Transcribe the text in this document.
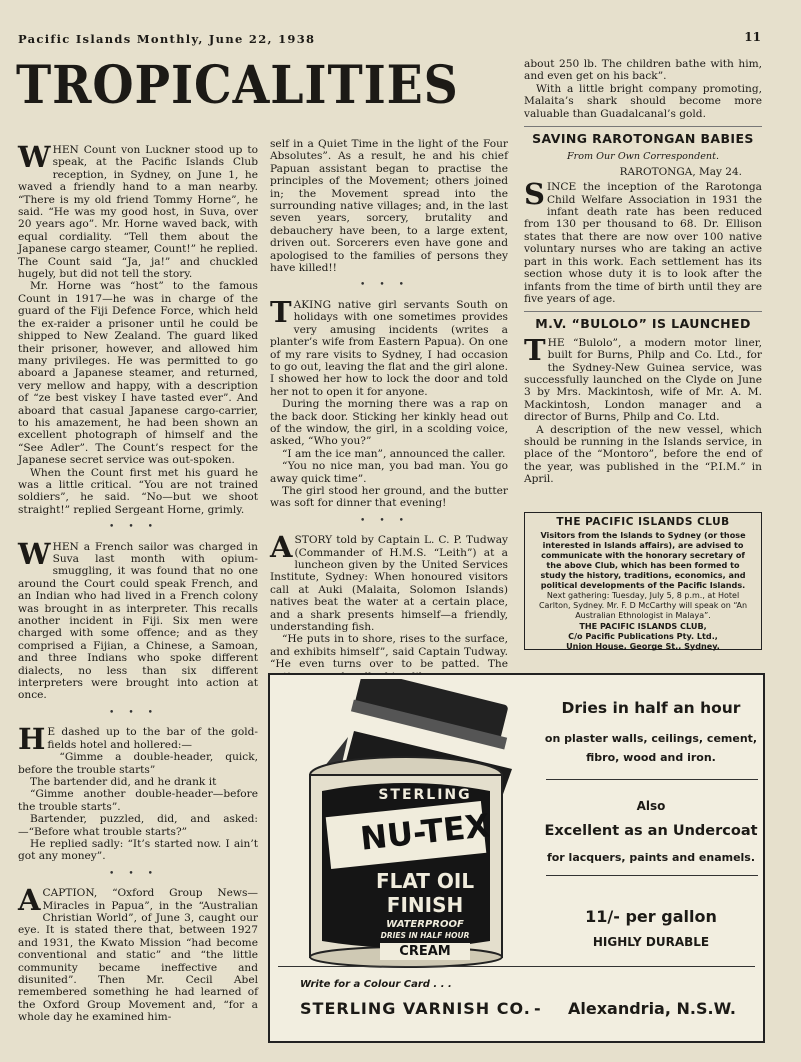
Pacific Islands Monthly, June 22, 1938	11
TROPICALITIES

WHEN Count von Luckner stood up to speak, at the Pacific Islands Club reception, in Sydney, on June 1, he waved a friendly hand to a man nearby. “There is my old friend Tommy Horne”, he said. “He was my good host, in Suva, over 20 years ago”. Mr. Horne waved back, with equal cordiality. “Tell them about the Japanese cargo steamer, Count!” he replied. The Count said “Ja, ja!” and chuckled hugely, but did not tell the story.

Mr. Horne was “host” to the famous Count in 1917—he was in charge of the guard of the Fiji Defence Force, which held the ex-raider a prisoner until he could be shipped to New Zealand. The guard liked their prisoner, however, and allowed him many privileges. He was permitted to go aboard a Japanese steamer, and returned, very mellow and happy, with a description of “ze best viskey I have tasted ever”. And aboard that casual Japanese cargo-carrier, to his amazement, he had been shown an excellent photograph of himself and the “See Adler”. The Count’s respect for the Japanese secret service was out-spoken.

When the Count first met his guard he was a little critical. “You are not trained soldiers”, he said. “No—but we shoot straight!” replied Sergeant Horne, grimly.

•••

WHEN a French sailor was charged in Suva last month with opium-smuggling, it was found that no one around the Court could speak French, and an Indian who had lived in a French colony was brought in as interpreter. This recalls another incident in Fiji. Six men were charged with some offence; and as they comprised a Fijian, a Chinese, a Samoan, and three Indians who spoke different dialects, no less than six different interpreters were brought into action at once.

•••

H E dashed up to the bar of the gold-fields hotel and hollered:—

“Gimme a double-header, quick, before the trouble starts”

The bartender did, and he drank it

“Gimme another double-header—before the trouble starts”.

Bartender, puzzled, did, and asked:—“Before what trouble starts?”

He replied sadly: “It’s started now. I ain’t got any money”.

•••

A CAPTION, “Oxford Group News—Miracles in Papua”, in the “Australian Christian World”, of June 3, caught our eye. It is stated there that, between 1927 and 1931, the Kwato Mission “had become conventional and static” and “the little community became ineffective and disunited”. Then Mr. Cecil Abel remembered something he had learned of the Oxford Group Movement and, “for a whole day he examined him-

self in a Quiet Time in the light of the Four Absolutes”. As a result, he and his chief Papuan assistant began to practise the principles of the Movement; others joined in; the Movement spread into the surrounding native villages; and, in the last seven years, sorcery, brutality and debauchery have been, to a large extent, driven out. Sorcerers even have gone and apologised to the families of persons they have killed!!

•••

TAKING native girl servants South on holidays with one sometimes provides very amusing incidents (writes a planter’s wife from Eastern Papua). On one of my rare visits to Sydney, I had occasion to go out, leaving the flat and the girl alone. I showed her how to lock the door and told her not to open it for anyone.

During the morning there was a rap on the back door. Sticking her kinkly head out of the window, the girl, in a scolding voice, asked, “Who you?”

“I am the ice man”, announced the caller.

“You no nice man, you bad man. You go away quick time”.

The girl stood her ground, and the butter was soft for dinner that evening!

•••

A STORY told by Captain L. C. P. Tudway (Commander of H.M.S. “Leith”) at a luncheon given by the United Services Institute, Sydney: When honoured visitors call at Auki (Malaita, Solomon Islands) natives beat the water at a certain place, and a shark presents himself—a friendly, understanding fish.

“He puts in to shore, rises to the surface, and exhibits himself”, said Captain Tudway. “He even turns over to be patted. The

about 250 lb. The children bathe with him, and even get on his back”.

With a little bright company promoting, Malaita’s shark should become more valuable than Guadalcanal’s gold.

SAVING RAROTONGAN BABIES
From Our Own Correspondent.
RAROTONGA, May 24.

SINCE the inception of the Rarotonga Child Welfare Association in 1931 the infant death rate has been reduced from 130 per thousand to 68. Dr. Ellison states that there are now over 100 native voluntary nurses who are taking an active part in this work. Each settlement has its section whose duty it is to look after the infants from the time of birth until they are five years of age.

M.V. “BULOLO” IS LAUNCHED

THE “Bulolo”, a modern motor liner, built for Burns, Philp and Co. Ltd., for the Sydney-New Guinea service, was successfully launched on the Clyde on June 3 by Mrs. Mackintosh, wife of Mr. A. M. Mackintosh, London manager and a director of Burns, Philp and Co. Ltd.

A description of the new vessel, which should be running in the Islands service, in place of the “Montoro”, before the end of the year, was published in the “P.I.M.” in April.

THE PACIFIC ISLANDS CLUB
Visitors from the Islands to Sydney (or those interested in Islands affairs), are advised to communicate with the honorary secretary of the above Club, which has been formed to study the history, traditions, economics, and political developments of the Pacific Islands.
Next gathering: Tuesday, July 5, 8 p.m., at Hotel Carlton, Sydney. Mr. F. D McCarthy will speak on “An Australian Ethnologist in Malaya”.
THE PACIFIC ISLANDS CLUB,
C/o Pacific Publications Pty. Ltd.,
Union House, George St., Sydney.
STERLING
NU-TEX
FLAT OIL
FINISH
WATERPROOF
DRIES IN HALF HOUR
CREAM
Dries in half an hour
on plaster walls, ceilings, cement, fibro, wood and iron.
Also
Excellent as an Undercoat
for lacquers, paints and enamels.
11/- per gallon
HIGHLY DURABLE
Write for a Colour Card . . .
STERLING VARNISH CO. - Alexandria, N.S.W.
